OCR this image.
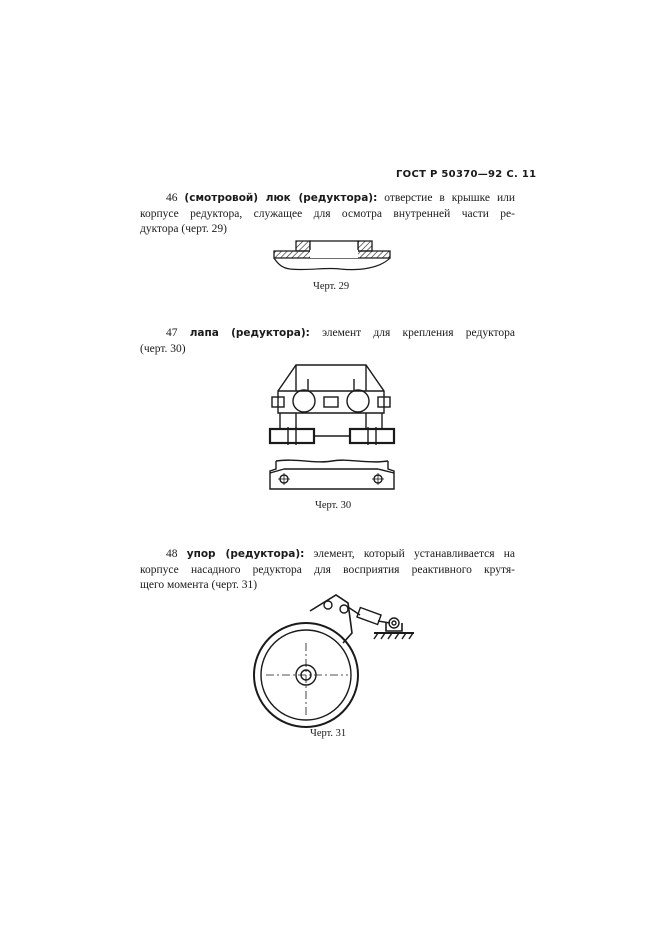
ГОСТ Р 50370—92 С. 11
46 (смотровой) люк (редуктора): отверстие в крышке или
корпусе редуктора, служащее для осмотра внутренней части ре-
дуктора (черт. 29)
Черт. 29
47 лапа (редуктора): элемент для крепления редуктора
(черт. 30)
Черт. 30
48 упор (редуктора): элемент, который устанавливается на
корпусе насадного редуктора для восприятия реактивного крутя-
щего момента (черт. 31)
Черт. 31
